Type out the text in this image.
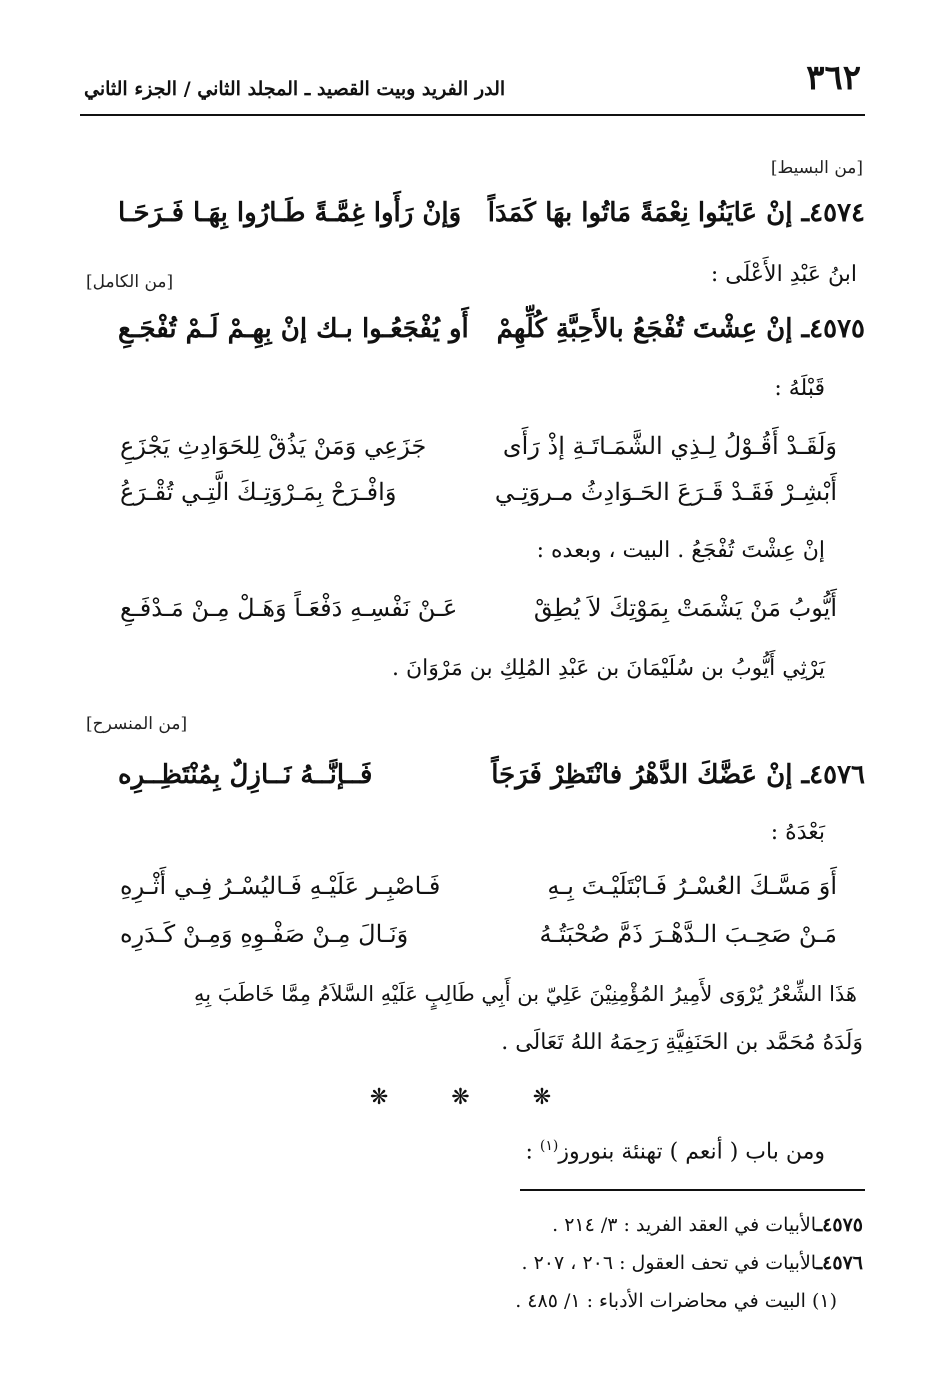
٣٦٢
الدر الفريد وبيت القصيد ـ المجلد الثاني / الجزء الثاني
[من البسيط]
٤٥٧٤ـ إنْ عَايَنُوا نِعْمَةً مَاتُوا بهَا كَمَدَاً
وَإنْ رَأَوا غِمَّـةً طَـارُوا بِهَـا فَـرَحَـا
ابنُ عَبْدِ الأَعْلَى :
[من الكامل]
٤٥٧٥ـ إنْ عِشْتَ تُفْجَعُ بالأَحِبَّةِ كُلِّهِمْ
أَو يُفْجَعُـوا بـك إنْ بِهِـمْ لَـمْ تُفْجَـعِ
قَبْلَهُ :
وَلَقَـدْ أَقُـوْلُ لِـذِي الشَّمَـاتَـةِ إذْ رَأَى
جَزَعِي وَمَنْ يَذُقْ لِلحَوَادِثِ يَجْزَعِ
أَبْشِـرْ فَقَـدْ قَـرَعَ الحَـوَادِثُ مـروَتِـي
وَافْـرَحْ بِمَـرْوَتِـكَ الَّتِـي تُقْـرَعُ
إنْ عِشْتَ تُفْجَعُ . البيت ، وبعده :
أَيُّوبُ مَنْ يَشْمَتْ بِمَوْتِكَ لاَ يُطِقْ
عَـنْ نَفْسِـهِ دَفْعَـاً وَهَـلْ مِـنْ مَـدْفَـعِ
يَرْثِي أَيُّوبُ بن سُلَيْمَانَ بن عَبْدِ المُلِكِ بن مَرْوَانَ .
[من المنسرح]
٤٥٧٦ـ إنْ عَضَّكَ الدَّهْرُ فانْتَظِرْ فَرَجَاً
فَــإنَّــهُ نَــازِلٌ بِمُنْتَظِــرِه
بَعْدَهُ :
أَوَ مَسَّـكَ العُسْـرُ فَـابْتَلَيْـتَ بِـهِ
فَـاصْبِـر عَلَيْـهِ فَـاليُسْـرُ فِـي أَثْـرِهِ
مَـنْ صَحِـبَ الـدَّهْـرَ ذَمَّ صُحْبَتُـهُ
وَنَـالَ مِـنْ صَفْـوِهِ وَمِـنْ كَـدَرِه
هَذَا الشِّعْرُ يُرْوَى لأَمِيرُ المُؤْمِنِيْنَ عَلِيّ بن أَبِي طَالِبٍ عَلَيْهِ السَّلاَمُ مِمَّا خَاطَبَ بِهِ
وَلَدَهُ مُحَمَّد بن الحَنَفِيَّةِ رَحِمَهُ اللهُ تَعَالَى .
❋ ❋ ❋
ومن باب ( أنعم ) تهنئة بنوروز$^{(١)}$ :
٤٥٧٥ـالأبيات في العقد الفريد : ٣/ ٢١٤ .
٤٥٧٦ـالأبيات في تحف العقول : ٢٠٦ ، ٢٠٧ .
(١) البيت في محاضرات الأدباء : ١/ ٤٨٥ .
